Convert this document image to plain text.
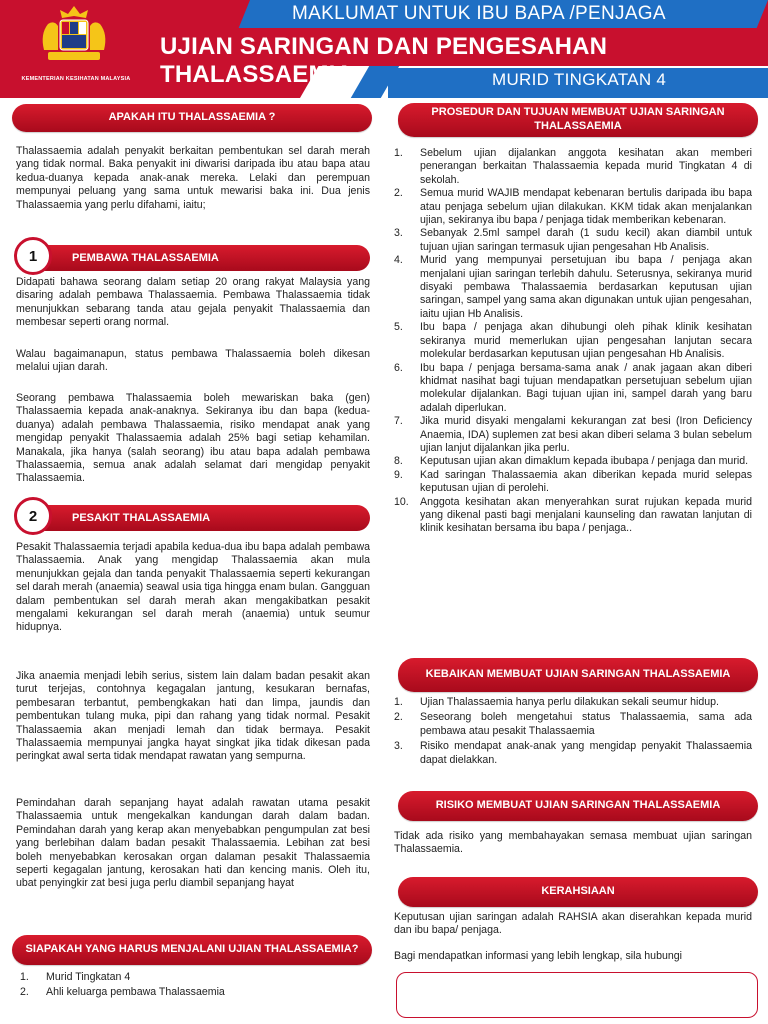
KEMENTERIAN KESIHATAN MALAYSIA
MAKLUMAT UNTUK IBU BAPA /PENJAGA
UJIAN SARINGAN DAN PENGESAHAN THALASSAEMIA	MURID TINGKATAN 4
APAKAH ITU THALASSAEMIA ?
Thalassaemia adalah penyakit berkaitan pembentukan sel darah merah yang tidak normal. Baka penyakit ini diwarisi daripada ibu atau bapa atau kedua-duanya kepada anak-anak mereka. Lelaki dan perempuan mempunyai peluang yang sama untuk mewarisi baka ini. Dua jenis Thalassaemia yang perlu difahami, iaitu;
PEMBAWA THALASSAEMIA
1
Didapati bahawa seorang dalam setiap 20 orang rakyat Malaysia yang disaring adalah pembawa Thalassaemia. Pembawa Thalassaemia tidak menunjukkan sebarang tanda atau gejala penyakit Thalassaemia dan membesar seperti orang normal.
Walau bagaimanapun, status pembawa Thalassaemia boleh dikesan melalui ujian darah.
Seorang pembawa Thalassaemia boleh mewariskan baka (gen) Thalassaemia kepada anak-anaknya. Sekiranya ibu dan bapa (kedua-duanya) adalah pembawa Thalassaemia, risiko mendapat anak yang mengidap penyakit Thalassaemia adalah 25% bagi setiap kehamilan. Manakala, jika hanya (salah seorang) ibu atau bapa adalah pembawa Thalassaemia, semua anak adalah selamat dari mengidap penyakit Thalassaemia.
PESAKIT THALASSAEMIA
2
Pesakit Thalassaemia terjadi apabila kedua-dua ibu bapa adalah pembawa Thalassaemia. Anak yang mengidap Thalassaemia akan mula menunjukkan gejala dan tanda penyakit Thalassaemia seperti kekurangan sel darah merah (anaemia) seawal usia tiga hingga enam bulan. Gangguan dalam pembentukan sel darah merah akan mengakibatkan pesakit mengalami kekurangan sel darah merah (anaemia) untuk seumur hidupnya.
Jika anaemia menjadi lebih serius, sistem lain dalam badan pesakit akan turut terjejas, contohnya kegagalan jantung, kesukaran bernafas, pembesaran terbantut, pembengkakan hati dan limpa, jaundis dan pembentukan tulang muka, pipi dan rahang yang tidak normal. Pesakit Thalassaemia akan menjadi lemah dan tidak bermaya. Pesakit Thalassaemia mempunyai jangka hayat singkat jika tidak dikesan pada peringkat awal serta tidak mendapat rawatan yang sempurna.
Pemindahan darah sepanjang hayat adalah rawatan utama pesakit Thalassaemia untuk mengekalkan kandungan darah dalam badan. Pemindahan darah yang kerap akan menyebabkan pengumpulan zat besi yang berlebihan dalam badan pesakit Thalassaemia. Lebihan zat besi boleh menyebabkan kerosakan organ dalaman pesakit Thalassaemia seperti kegagalan jantung, kerosakan hati dan kencing manis. Oleh itu, ubat penyingkir zat besi juga perlu diambil sepanjang hayat
SIAPAKAH YANG HARUS MENJALANI UJIAN THALASSAEMIA?
1. Murid Tingkatan 4
2. Ahli keluarga pembawa Thalassaemia
PROSEDUR DAN TUJUAN MEMBUAT UJIAN SARINGAN THALASSAEMIA
1. Sebelum ujian dijalankan anggota kesihatan akan memberi penerangan berkaitan Thalassaemia kepada murid Tingkatan 4 di sekolah.
2. Semua murid WAJIB mendapat kebenaran bertulis daripada ibu bapa atau penjaga sebelum ujian dilakukan. KKM tidak akan menjalankan ujian, sekiranya ibu bapa / penjaga tidak memberikan kebenaran.
3. Sebanyak 2.5ml sampel darah (1 sudu kecil) akan diambil untuk tujuan ujian saringan termasuk ujian pengesahan Hb Analisis.
4. Murid yang mempunyai persetujuan ibu bapa / penjaga akan menjalani ujian saringan terlebih dahulu. Seterusnya, sekiranya murid disyaki pembawa Thalassaemia berdasarkan keputusan ujian saringan, sampel yang sama akan digunakan untuk ujian pengesahan, iaitu ujian Hb Analisis.
5. Ibu bapa / penjaga akan dihubungi oleh pihak klinik kesihatan sekiranya murid memerlukan ujian pengesahan lanjutan secara molekular berdasarkan keputusan ujian pengesahan Hb Analisis.
6. Ibu bapa / penjaga bersama-sama anak / anak jagaan akan diberi khidmat nasihat bagi tujuan mendapatkan persetujuan sebelum ujian molekular dijalankan. Bagi tujuan ujian ini, sampel darah yang baru adalah diperlukan.
7. Jika murid disyaki mengalami kekurangan zat besi (Iron Deficiency Anaemia, IDA) suplemen zat besi akan diberi selama 3 bulan sebelum ujian lanjut dijalankan jika perlu.
8. Keputusan ujian akan dimaklum kepada ibubapa / penjaga dan murid.
9. Kad saringan Thalassaemia akan diberikan kepada murid selepas keputusan ujian di perolehi.
10. Anggota kesihatan akan menyerahkan surat rujukan kepada murid yang dikenal pasti bagi menjalani kaunseling dan rawatan lanjutan di klinik kesihatan bersama ibu bapa / penjaga..
KEBAIKAN MEMBUAT UJIAN SARINGAN THALASSAEMIA
1. Ujian Thalassaemia hanya perlu dilakukan sekali seumur hidup.
2. Seseorang boleh mengetahui status Thalassaemia, sama ada pembawa atau pesakit Thalassaemia
3. Risiko mendapat anak-anak yang mengidap penyakit Thalassaemia dapat dielakkan.
RISIKO MEMBUAT UJIAN SARINGAN THALASSAEMIA
Tidak ada risiko yang membahayakan semasa membuat ujian saringan Thalassaemia.
KERAHSIAAN
Keputusan ujian saringan adalah RAHSIA akan diserahkan kepada murid dan ibu bapa/ penjaga.
Bagi mendapatkan informasi yang lebih lengkap, sila hubungi
